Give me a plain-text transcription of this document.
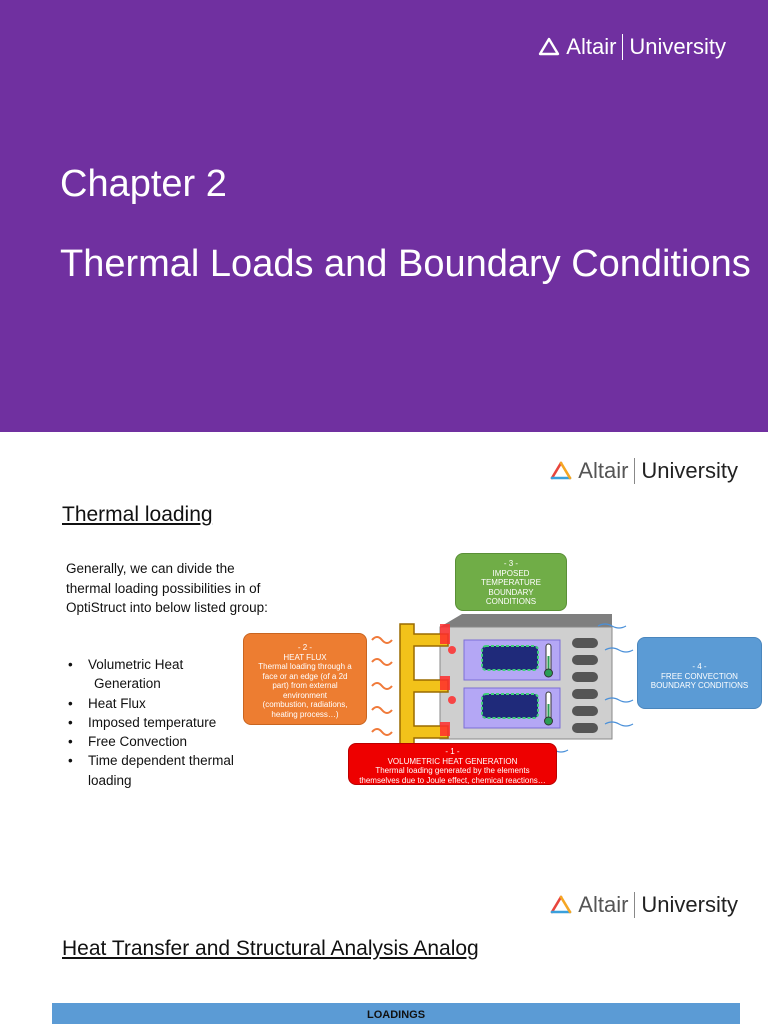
Altair University
Chapter 2
Thermal Loads and Boundary Conditions
Altair University
Thermal loading
Generally, we can divide the thermal loading possibilities in of OptiStruct into below listed group:
• Volumetric Heat
Generation
• Heat Flux
• Imposed temperature
• Free Convection
• Time dependent thermal
loading
- 3 -
IMPOSED
TEMPERATURE
BOUNDARY
CONDITIONS
- 2 -
HEAT FLUX
Thermal loading through a
face or an edge (of a 2d
part) from external
environment
(combustion, radiations,
heating process…)
- 4 -
FREE CONVECTION
BOUNDARY CONDITIONS
- 1 -
VOLUMETRIC HEAT GENERATION
Thermal loading generated by the elements
themselves due to Joule effect, chemical reactions…
Altair University
Heat Transfer and Structural Analysis Analog
LOADINGS
